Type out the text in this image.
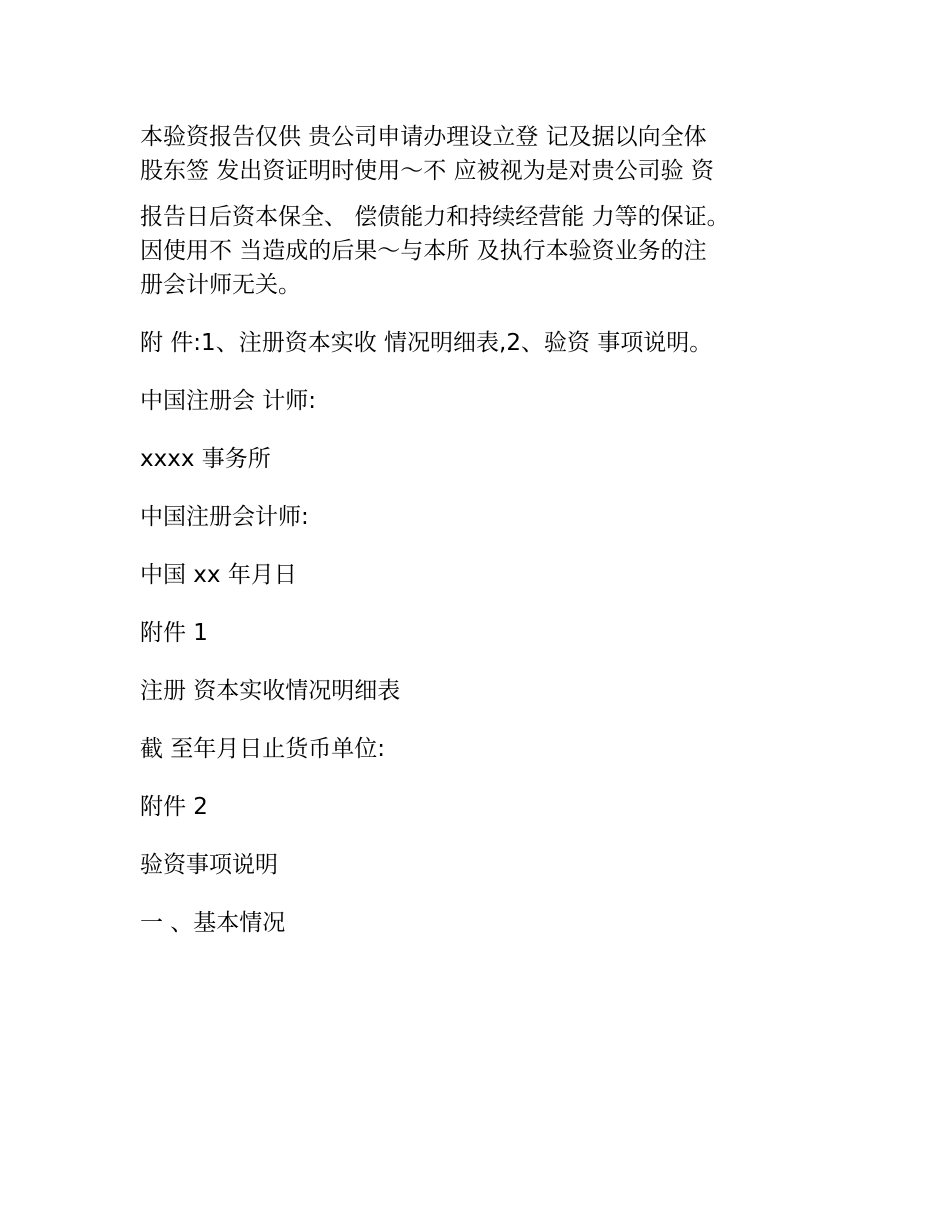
本验资报告仅供 贵公司申请办理设立登 记及据以向全体

股东签 发出资证明时使用～不 应被视为是对贵公司验 资

报告日后资本保全、 偿债能力和持续经营能 力等的保证。

因使用不 当造成的后果～与本所 及执行本验资业务的注

册会计师无关。

附 件:1、注册资本实收 情况明细表,2、验资 事项说明。

中国注册会 计师:

xxxx 事务所

中国注册会计师:

中国 xx 年月日

附件 1

注册 资本实收情况明细表

截 至年月日止货币单位:

附件 2

验资事项说明

一 、基本情况
